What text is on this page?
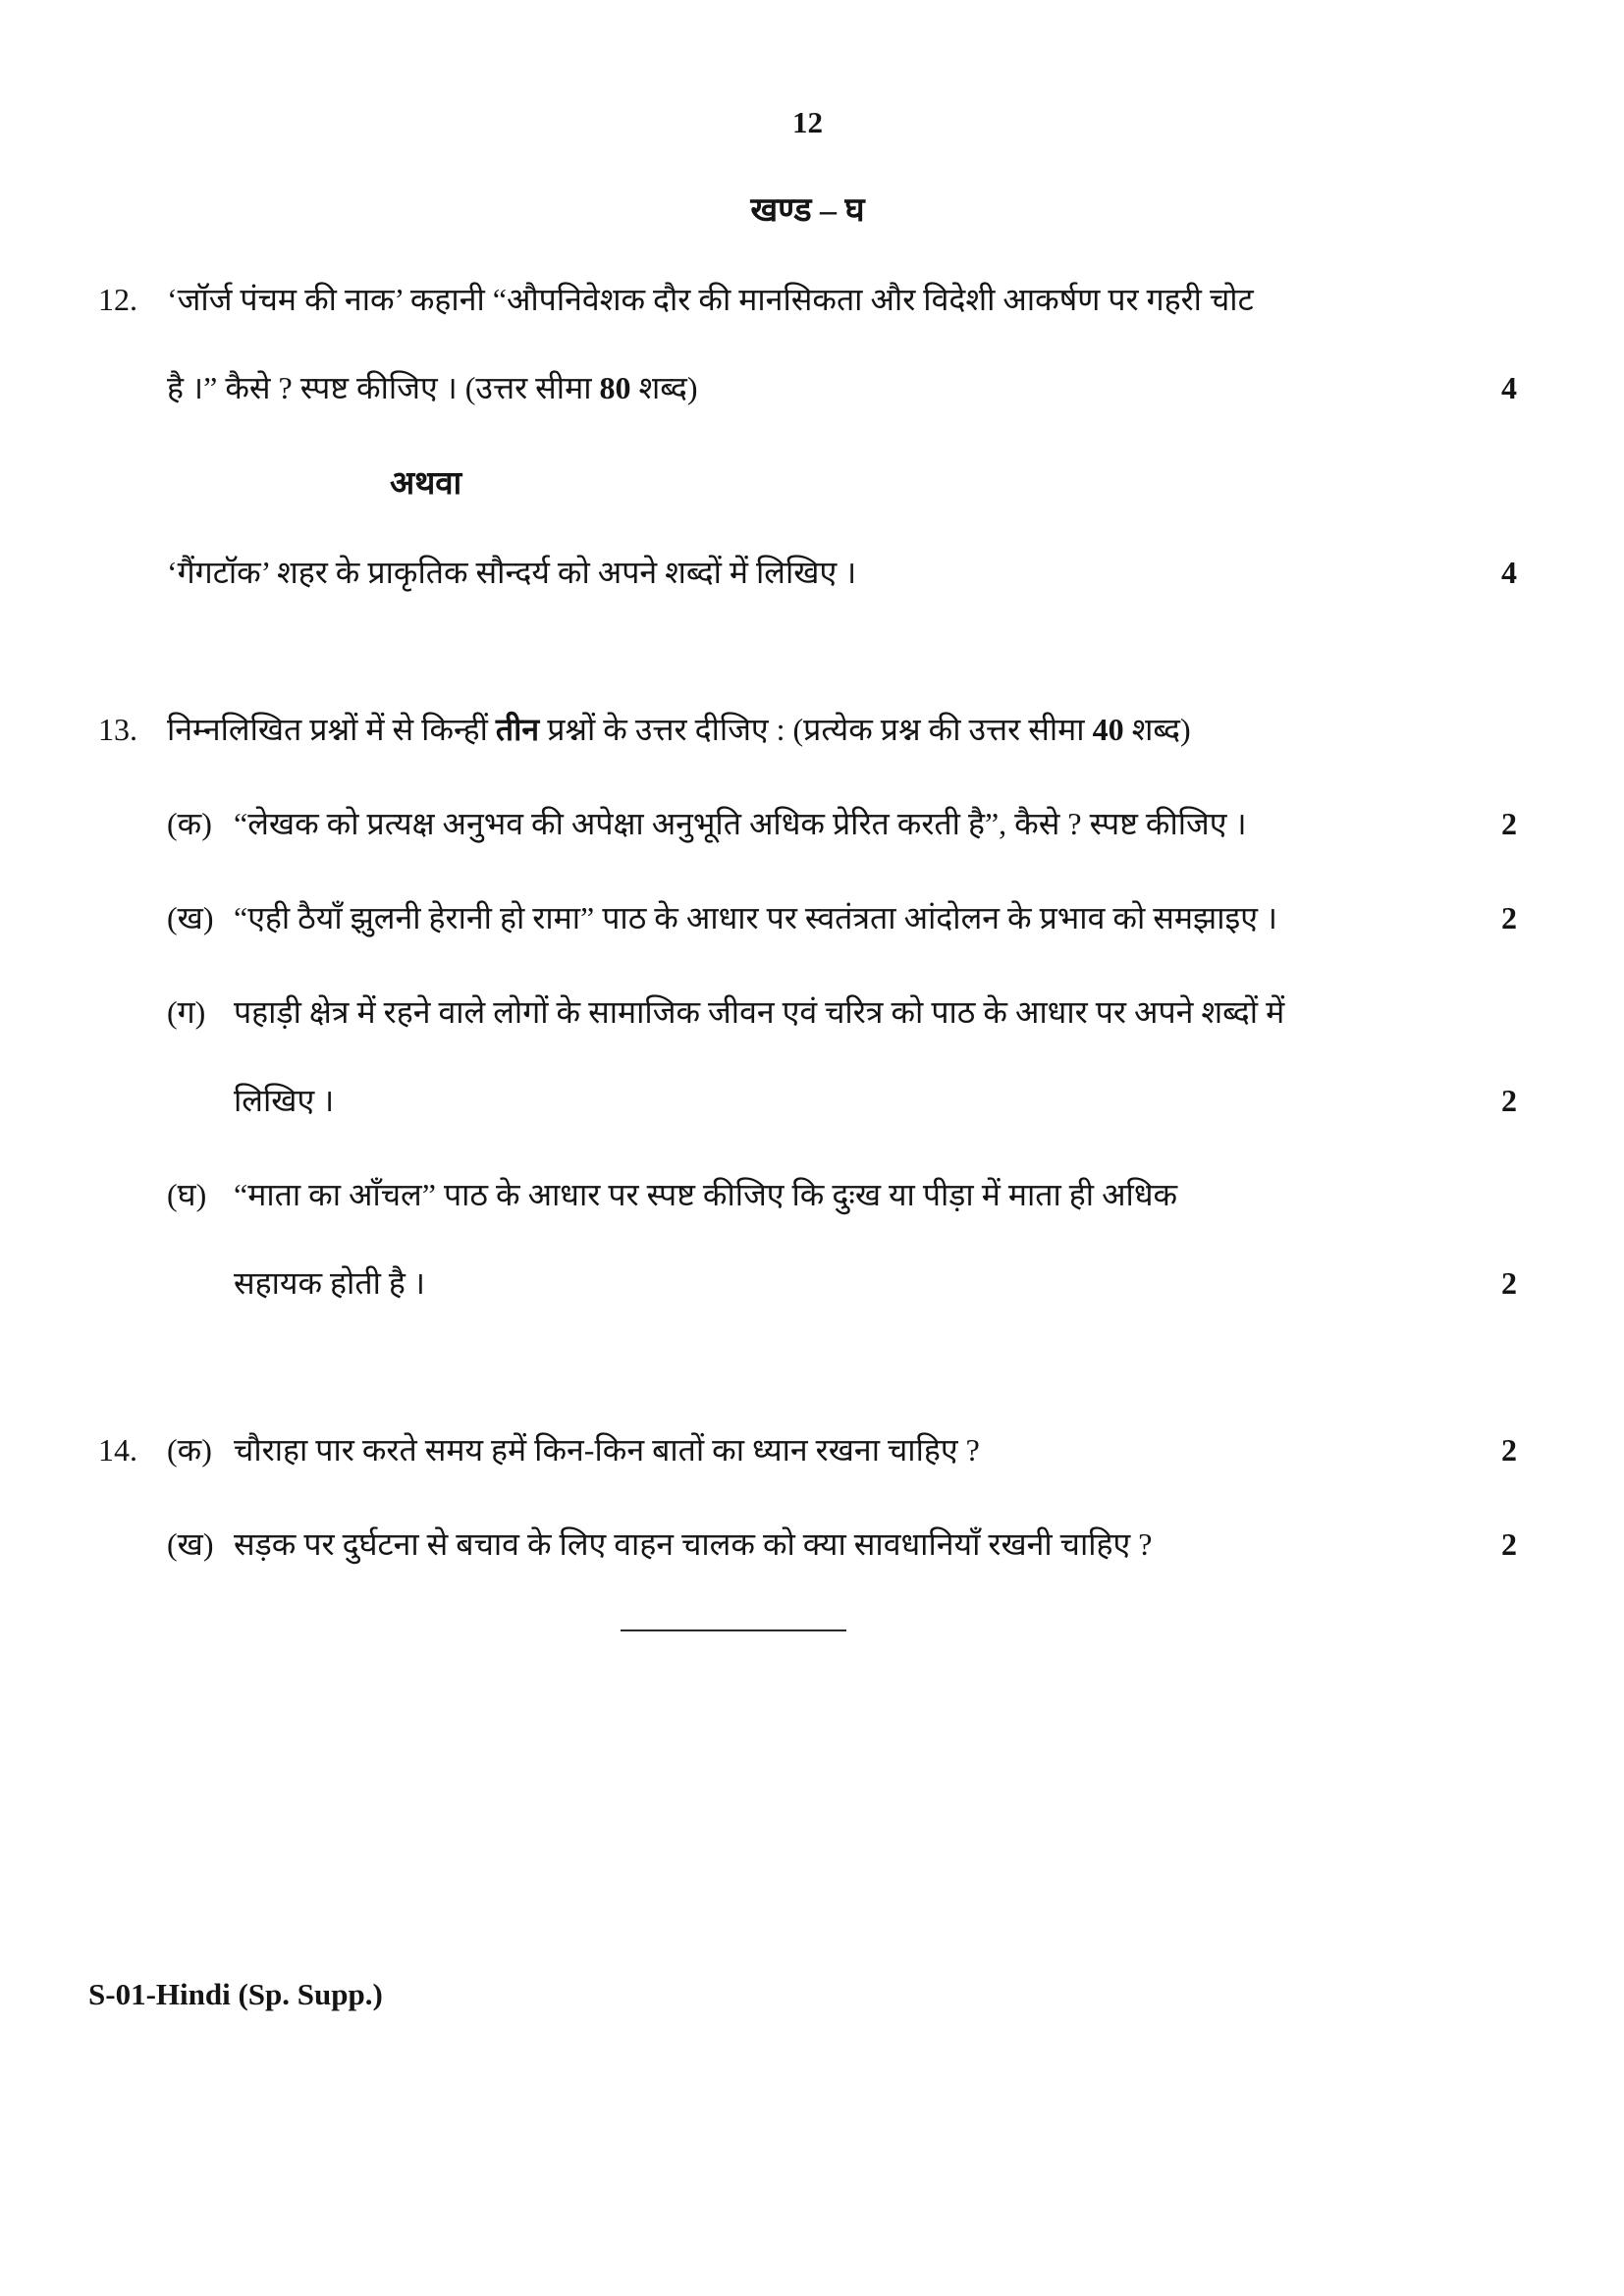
12
खण्ड – घ
12. ‘जॉर्ज पंचम की नाक’ कहानी “औपनिवेशक दौर की मानसिकता और विदेशी आकर्षण पर गहरी चोट
है ।” कैसे ? स्पष्ट कीजिए । (उत्तर सीमा 80 शब्द)	4
अथवा
‘गैंगटॉक’ शहर के प्राकृतिक सौन्दर्य को अपने शब्दों में लिखिए ।	4
13. निम्नलिखित प्रश्नों में से किन्हीं तीन प्रश्नों के उत्तर दीजिए : (प्रत्येक प्रश्न की उत्तर सीमा 40 शब्द)
(क) “लेखक को प्रत्यक्ष अनुभव की अपेक्षा अनुभूति अधिक प्रेरित करती है”, कैसे ? स्पष्ट कीजिए ।	2
(ख) “एही ठैयाँ झुलनी हेरानी हो रामा” पाठ के आधार पर स्वतंत्रता आंदोलन के प्रभाव को समझाइए ।	2
(ग) पहाड़ी क्षेत्र में रहने वाले लोगों के सामाजिक जीवन एवं चरित्र को पाठ के आधार पर अपने शब्दों में
लिखिए ।	2
(घ) “माता का आँचल” पाठ के आधार पर स्पष्ट कीजिए कि दुःख या पीड़ा में माता ही अधिक
सहायक होती है ।	2
14. (क) चौराहा पार करते समय हमें किन-किन बातों का ध्यान रखना चाहिए ?	2
(ख) सड़क पर दुर्घटना से बचाव के लिए वाहन चालक को क्या सावधानियाँ रखनी चाहिए ?	2
S-01-Hindi (Sp. Supp.)
